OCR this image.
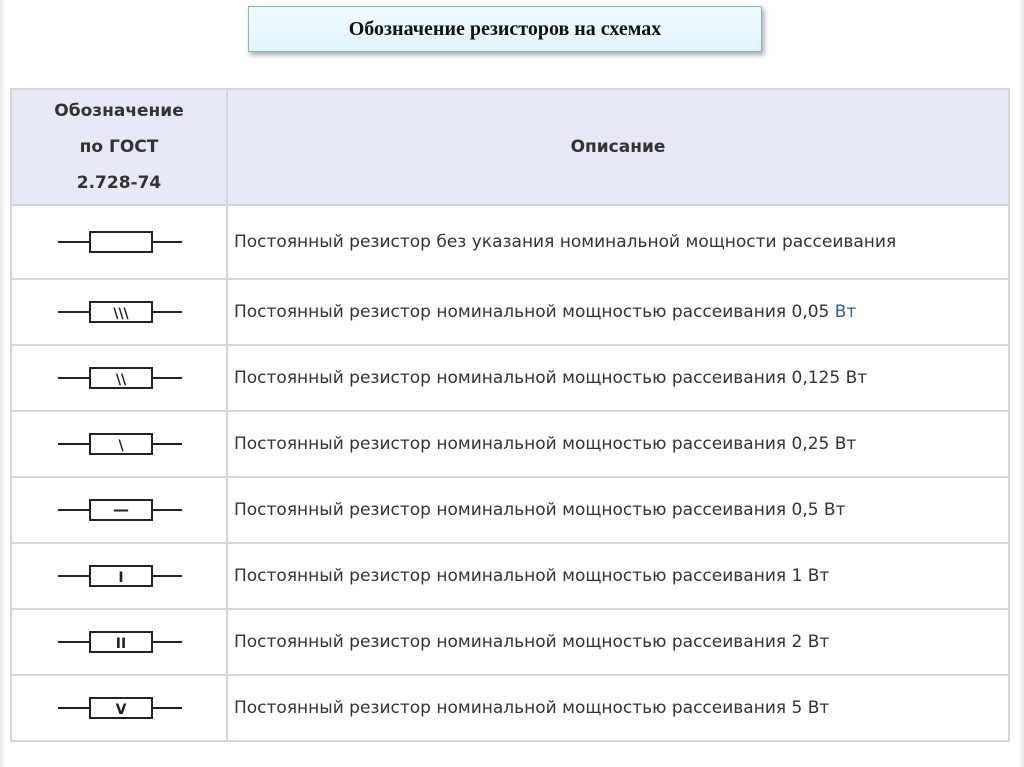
Обозначение резисторов на схемах
Обозначение
по ГОСТ
2.728-74	Описание

	Постоянный резистор без указания номинальной мощности рассеивания

\\\	Постоянный резистор номинальной мощностью рассеивания 0,05 Вт

\\	Постоянный резистор номинальной мощностью рассеивания 0,125 Вт

\	Постоянный резистор номинальной мощностью рассеивания 0,25 Вт

—	Постоянный резистор номинальной мощностью рассеивания 0,5 Вт

I	Постоянный резистор номинальной мощностью рассеивания 1 Вт

II	Постоянный резистор номинальной мощностью рассеивания 2 Вт

V	Постоянный резистор номинальной мощностью рассеивания 5 Вт
